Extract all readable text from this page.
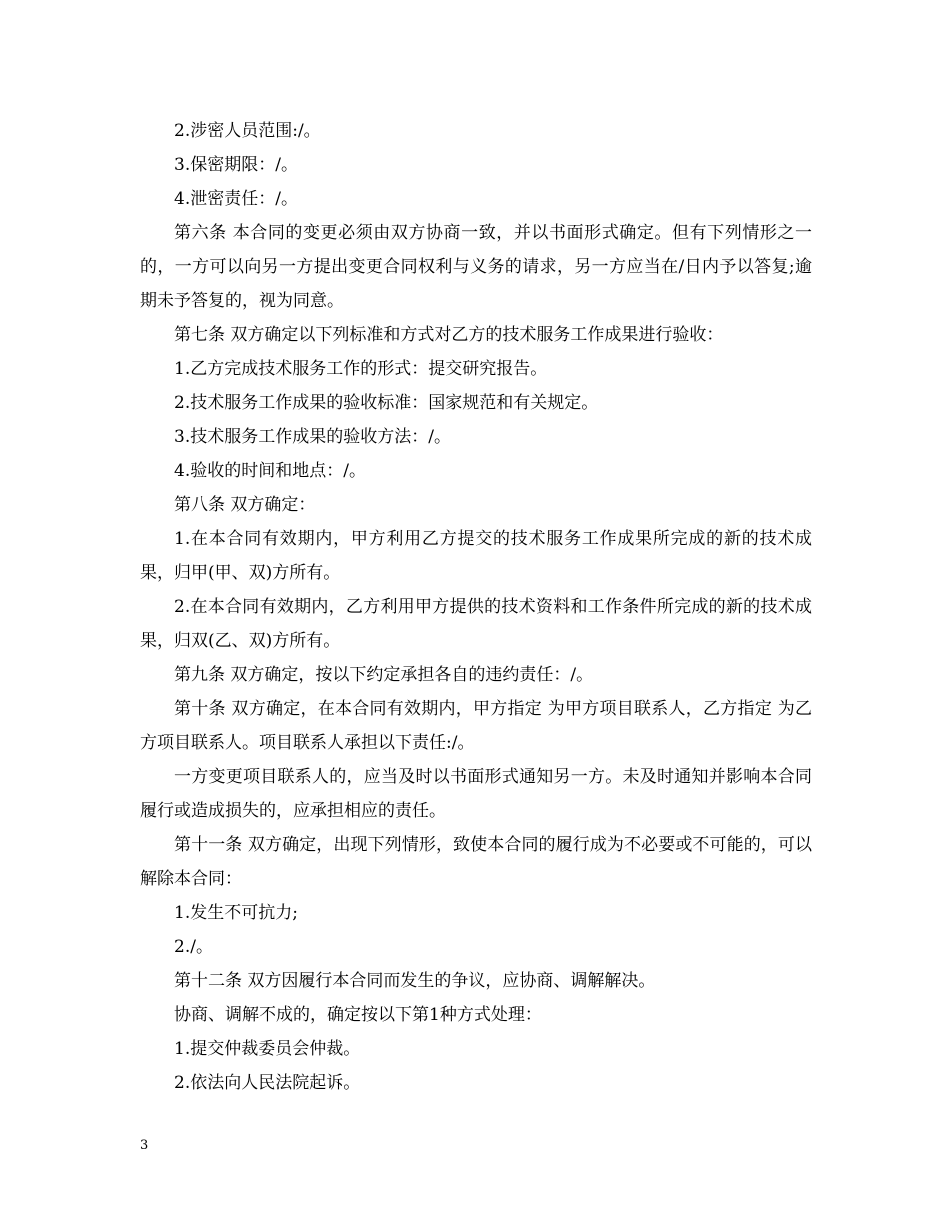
2.涉密人员范围:/。

3.保密期限：/。

4.泄密责任：/。

第六条 本合同的变更必须由双方协商一致，并以书面形式确定。但有下列情形之一的，一方可以向另一方提出变更合同权利与义务的请求，另一方应当在/日内予以答复;逾期未予答复的，视为同意。

第七条 双方确定以下列标准和方式对乙方的技术服务工作成果进行验收：

1.乙方完成技术服务工作的形式：提交研究报告。

2.技术服务工作成果的验收标准：国家规范和有关规定。

3.技术服务工作成果的验收方法：/。

4.验收的时间和地点：/。

第八条 双方确定：

1.在本合同有效期内，甲方利用乙方提交的技术服务工作成果所完成的新的技术成果，归甲(甲、双)方所有。

2.在本合同有效期内，乙方利用甲方提供的技术资料和工作条件所完成的新的技术成果，归双(乙、双)方所有。

第九条 双方确定，按以下约定承担各自的违约责任：/。

第十条 双方确定，在本合同有效期内，甲方指定 为甲方项目联系人，乙方指定 为乙方项目联系人。项目联系人承担以下责任:/。

一方变更项目联系人的，应当及时以书面形式通知另一方。未及时通知并影响本合同履行或造成损失的，应承担相应的责任。

第十一条 双方确定，出现下列情形，致使本合同的履行成为不必要或不可能的，可以解除本合同：

1.发生不可抗力;

2./。

第十二条 双方因履行本合同而发生的争议，应协商、调解解决。

协商、调解不成的，确定按以下第1种方式处理：

1.提交仲裁委员会仲裁。

2.依法向人民法院起诉。

3
